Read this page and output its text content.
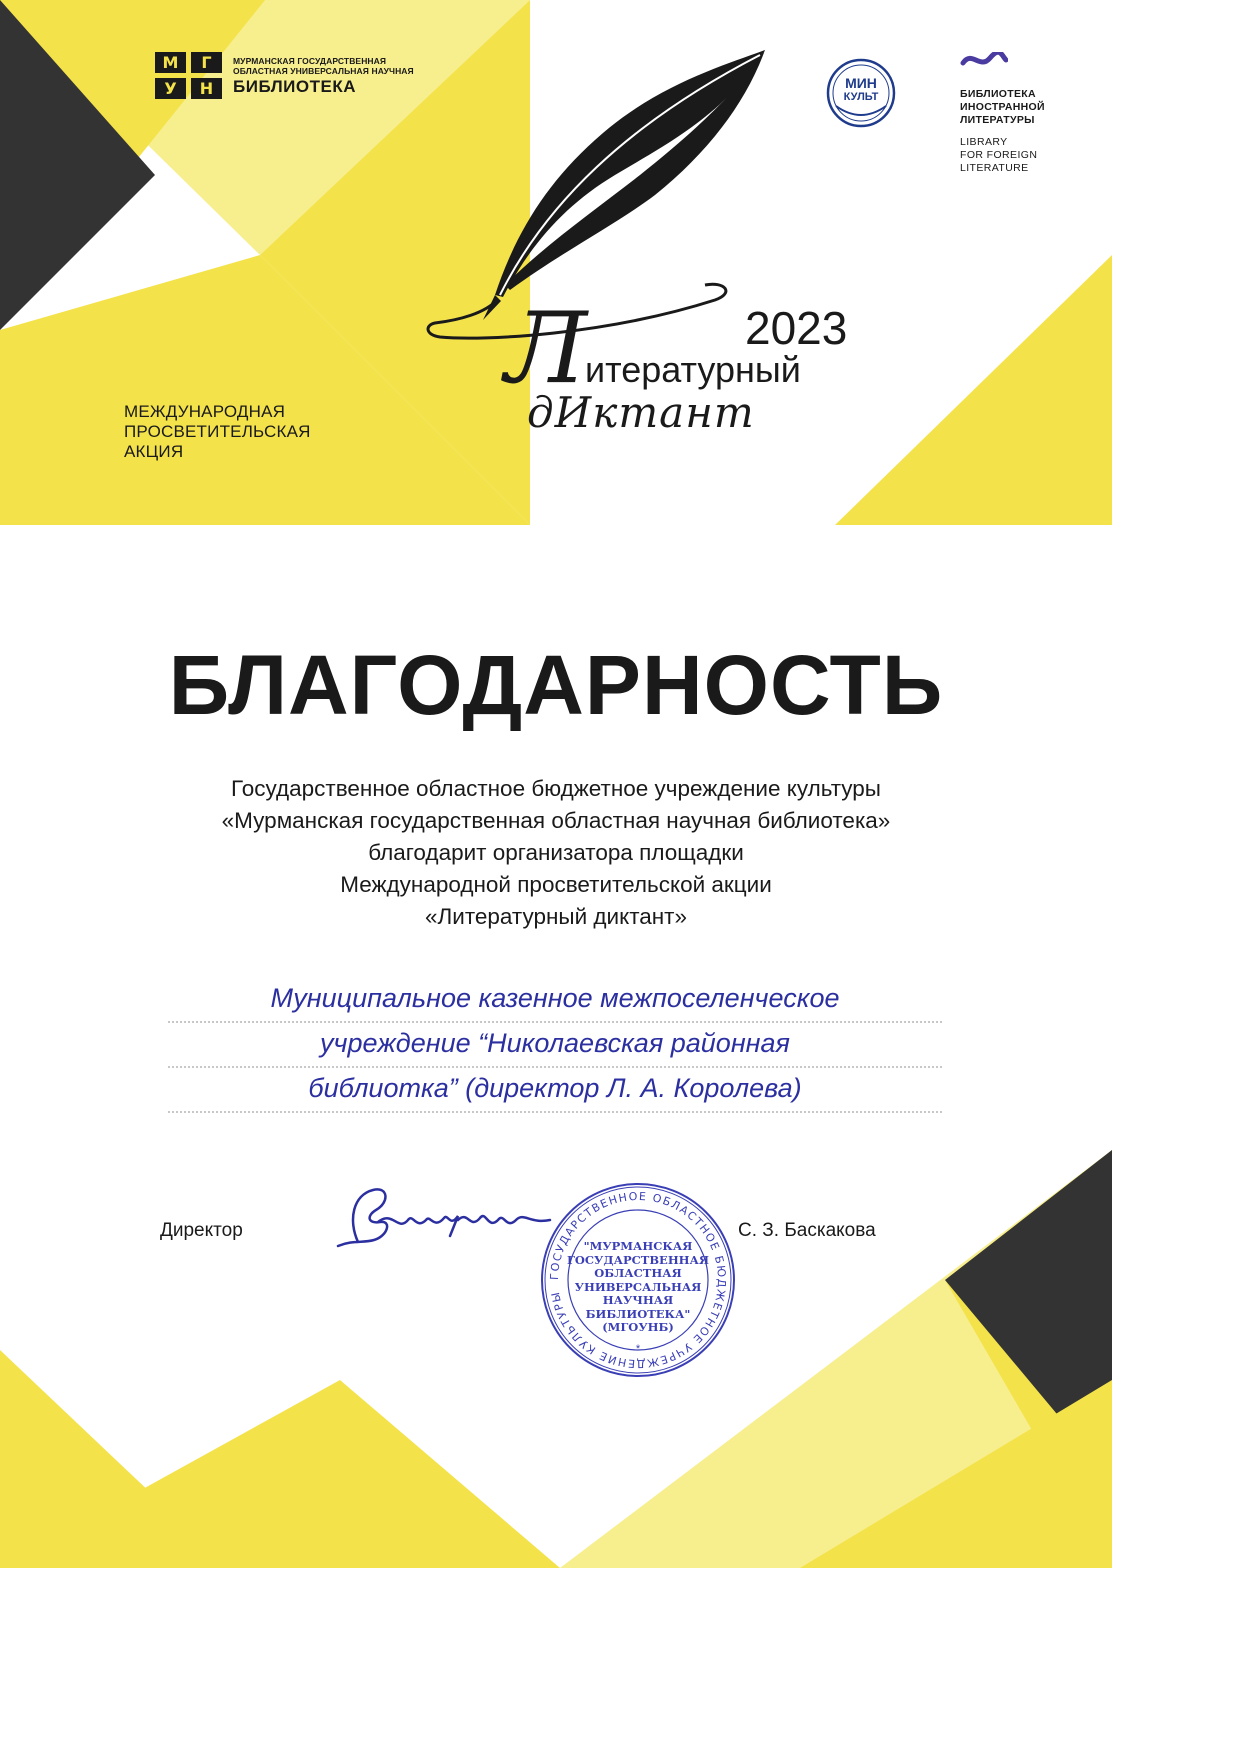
М	Г
У	Н
МУРМАНСКАЯ ГОСУДАРСТВЕННАЯ
ОБЛАСТНАЯ УНИВЕРСАЛЬНАЯ НАУЧНАЯ
БИБЛИОТЕКА	МИН
КУЛЬТ	БИБЛИОТЕКА
ИНОСТРАННОЙ
ЛИТЕРАТУРЫ
LIBRARY
FOR FOREIGN
LITERATURE
МЕЖДУНАРОДНАЯ
ПРОСВЕТИТЕЛЬСКАЯ
АКЦИЯ
2023
Л
итературный
дИктант
БЛАГОДАРНОСТЬ
Государственное областное бюджетное учреждение культуры
«Мурманская государственная областная научная библиотека»
благодарит организатора площадки
Международной просветительской акции
«Литературный диктант»
Муниципальное казенное межпоселенческое
учреждение “Николаевская районная
библиотка” (директор Л. А. Королева)
Директор	С. З. Баскакова
ГОСУДАРСТВЕННОЕ ОБЛАСТНОЕ БЮДЖЕТНОЕ УЧРЕЖДЕНИЕ КУЛЬТУРЫ
"МУРМАНСКАЯ
ГОСУДАРСТВЕННАЯ
ОБЛАСТНАЯ
УНИВЕРСАЛЬНАЯ
НАУЧНАЯ
БИБЛИОТЕКА"
(МГОУНБ)
*
